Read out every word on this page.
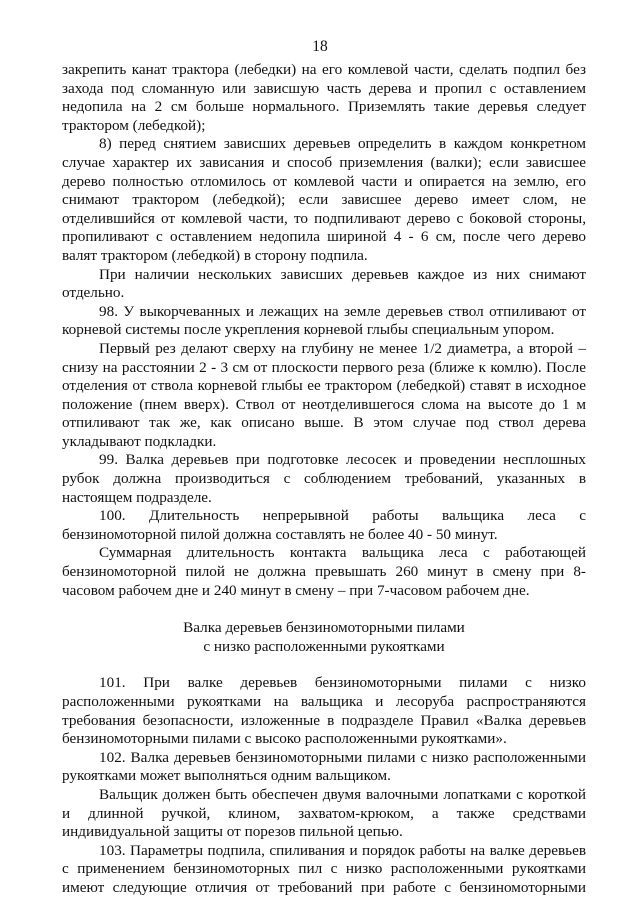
18

закрепить канат трактора (лебедки) на его комлевой части, сделать подпил без захода под сломанную или зависшую часть дерева и пропил с оставлением недопила на 2 см больше нормального. Приземлять такие деревья следует трактором (лебедкой);

8) перед снятием зависших деревьев определить в каждом конкретном случае характер их зависания и способ приземления (валки); если зависшее дерево полностью отломилось от комлевой части и опирается на землю, его снимают трактором (лебедкой); если зависшее дерево имеет слом, не отделившийся от комлевой части, то подпиливают дерево с боковой стороны, пропиливают с оставлением недопила шириной 4 - 6 см, после чего дерево валят трактором (лебедкой) в сторону подпила.

При наличии нескольких зависших деревьев каждое из них снимают отдельно.

98. У выкорчеванных и лежащих на земле деревьев ствол отпиливают от корневой системы после укрепления корневой глыбы специальным упором.

Первый рез делают сверху на глубину не менее 1/2 диаметра, а второй – снизу на расстоянии 2 - 3 см от плоскости первого реза (ближе к комлю). После отделения от ствола корневой глыбы ее трактором (лебедкой) ставят в исходное положение (пнем вверх). Ствол от неотделившегося слома на высоте до 1 м отпиливают так же, как описано выше. В этом случае под ствол дерева укладывают подкладки.

99. Валка деревьев при подготовке лесосек и проведении несплошных рубок должна производиться с соблюдением требований, указанных в настоящем подразделе.

100. Длительность непрерывной работы вальщика леса с бензиномоторной пилой должна составлять не более 40 - 50 минут.

Суммарная длительность контакта вальщика леса с работающей бензиномоторной пилой не должна превышать 260 минут в смену при 8-часовом рабочем дне и 240 минут в смену – при 7-часовом рабочем дне.

Валка деревьев бензиномоторными пилами
с низко расположенными рукоятками

101. При валке деревьев бензиномоторными пилами с низко расположенными рукоятками на вальщика и лесоруба распространяются требования безопасности, изложенные в подразделе Правил «Валка деревьев бензиномоторными пилами с высоко расположенными рукоятками».

102. Валка деревьев бензиномоторными пилами с низко расположенными рукоятками может выполняться одним вальщиком.

Вальщик должен быть обеспечен двумя валочными лопатками с короткой и длинной ручкой, клином, захватом-крюком, а также средствами индивидуальной защиты от порезов пильной цепью.

103. Параметры подпила, спиливания и порядок работы на валке деревьев с применением бензиномоторных пил с низко расположенными рукоятками имеют следующие отличия от требований при работе с бензиномоторными
